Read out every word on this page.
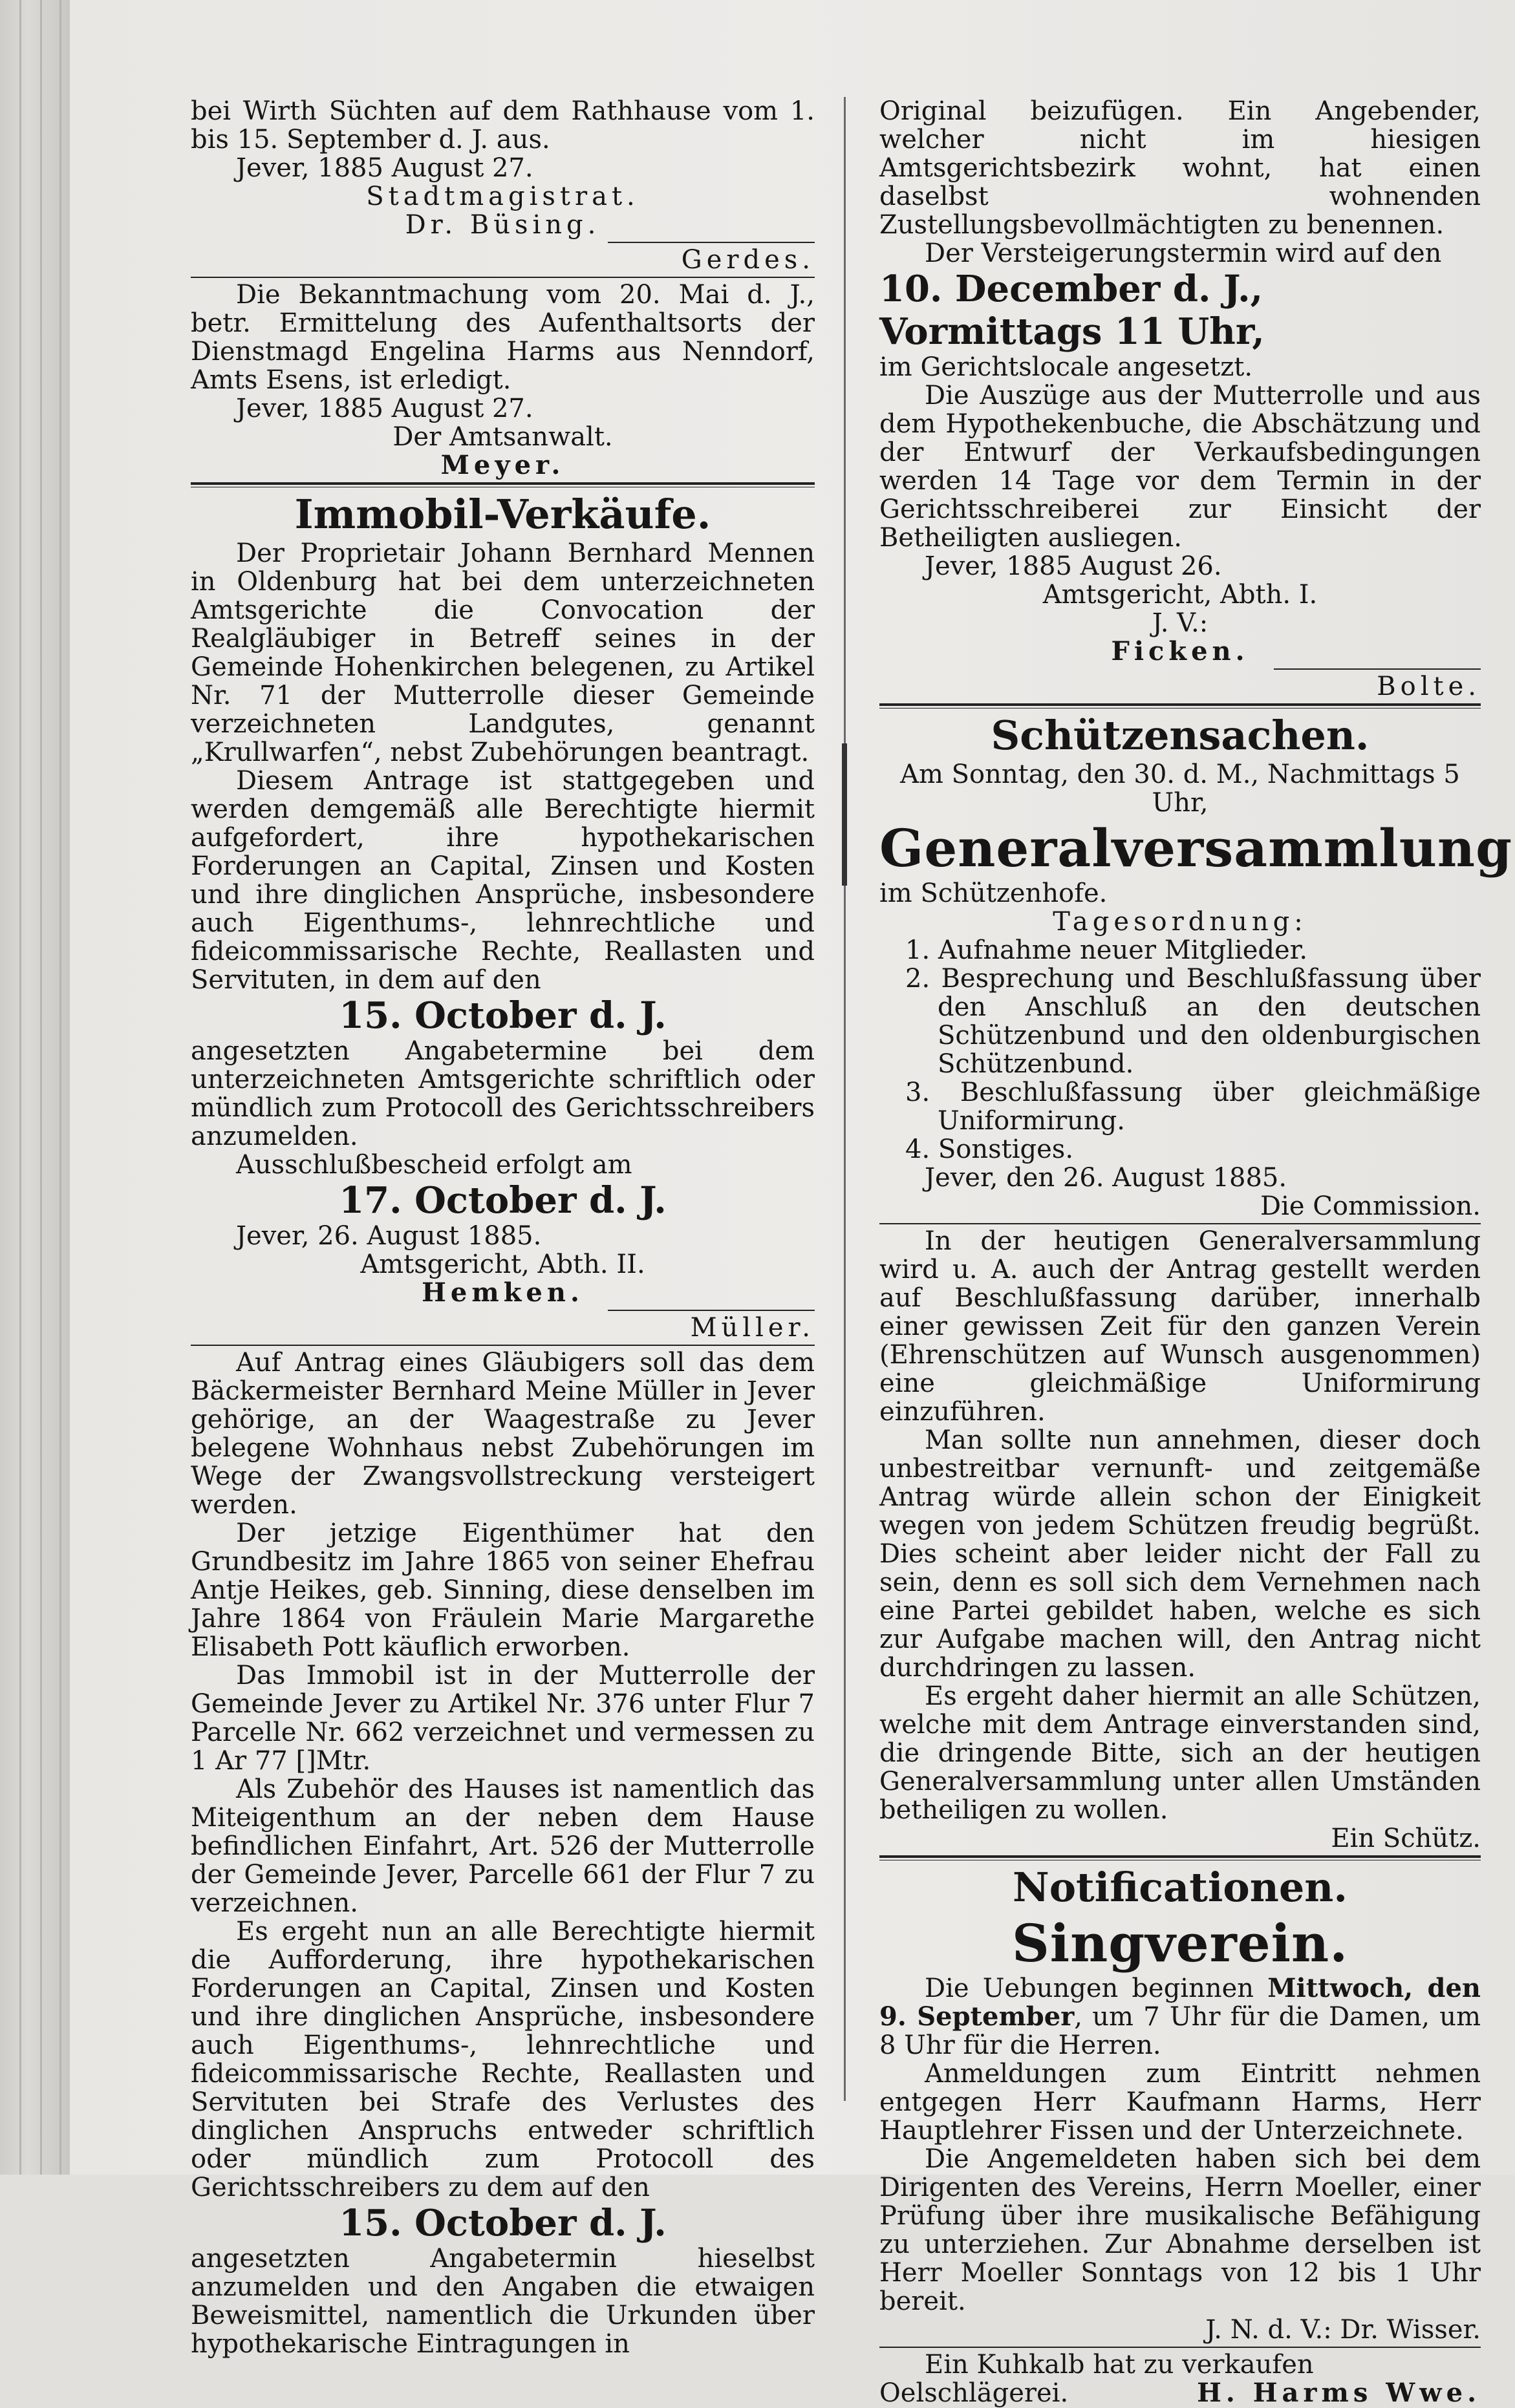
bei Wirth Süchten auf dem Rathhause vom 1. bis 15. September d. J. aus.

Jever, 1885 August 27.

Stadtmagistrat.

Dr. Büsing.

Gerdes.

Die Bekanntmachung vom 20. Mai d. J., betr. Ermittelung des Aufenthaltsorts der Dienstmagd Engelina Harms aus Nenndorf, Amts Esens, ist erledigt.

Jever, 1885 August 27.

Der Amtsanwalt.

Meyer.

Immobil-Verkäufe.

Der Proprietair Johann Bernhard Mennen in Oldenburg hat bei dem unterzeichneten Amtsgerichte die Convocation der Realgläubiger in Betreff seines in der Gemeinde Hohenkirchen belegenen, zu Artikel Nr. 71 der Mutterrolle dieser Gemeinde verzeichneten Landgutes, genannt „Krullwarfen“, nebst Zubehörungen beantragt.

Diesem Antrage ist stattgegeben und werden demgemäß alle Berechtigte hiermit aufgefordert, ihre hypothekarischen Forderungen an Capital, Zinsen und Kosten und ihre dinglichen Ansprüche, insbesondere auch Eigenthums-, lehnrechtliche und fideicommissarische Rechte, Reallasten und Servituten, in dem auf den

15. October d. J.

angesetzten Angabetermine bei dem unterzeichneten Amtsgerichte schriftlich oder mündlich zum Protocoll des Gerichtsschreibers anzumelden.

Ausschlußbescheid erfolgt am

17. October d. J.

Jever, 26. August 1885.

Amtsgericht, Abth. II.

Hemken.

Müller.

Auf Antrag eines Gläubigers soll das dem Bäckermeister Bernhard Meine Müller in Jever gehörige, an der Waagestraße zu Jever belegene Wohnhaus nebst Zubehörungen im Wege der Zwangsvollstreckung versteigert werden.

Der jetzige Eigenthümer hat den Grundbesitz im Jahre 1865 von seiner Ehefrau Antje Heikes, geb. Sinning, diese denselben im Jahre 1864 von Fräulein Marie Margarethe Elisabeth Pott käuflich erworben.

Das Immobil ist in der Mutterrolle der Gemeinde Jever zu Artikel Nr. 376 unter Flur 7 Parcelle Nr. 662 verzeichnet und vermessen zu 1 Ar 77 []Mtr.

Als Zubehör des Hauses ist namentlich das Miteigenthum an der neben dem Hause befindlichen Einfahrt, Art. 526 der Mutterrolle der Gemeinde Jever, Parcelle 661 der Flur 7 zu verzeichnen.

Es ergeht nun an alle Berechtigte hiermit die Aufforderung, ihre hypothekarischen Forderungen an Capital, Zinsen und Kosten und ihre dinglichen Ansprüche, insbesondere auch Eigenthums-, lehnrechtliche und fideicommissarische Rechte, Reallasten und Servituten bei Strafe des Verlustes des dinglichen Anspruchs entweder schriftlich oder mündlich zum Protocoll des Gerichtsschreibers zu dem auf den

15. October d. J.

angesetzten Angabetermin hieselbst anzumelden und den Angaben die etwaigen Beweismittel, namentlich die Urkunden über hypothekarische Eintragungen in

Original beizufügen. Ein Angebender, welcher nicht im hiesigen Amtsgerichtsbezirk wohnt, hat einen daselbst wohnenden Zustellungsbevollmächtigten zu benennen.

Der Versteigerungstermin wird auf den

10. December d. J., Vormittags 11 Uhr,

im Gerichtslocale angesetzt.

Die Auszüge aus der Mutterrolle und aus dem Hypothekenbuche, die Abschätzung und der Entwurf der Verkaufsbedingungen werden 14 Tage vor dem Termin in der Gerichtsschreiberei zur Einsicht der Betheiligten ausliegen.

Jever, 1885 August 26.

Amtsgericht, Abth. I.

J. V.:

Ficken.

Bolte.

Schützensachen.

Am Sonntag, den 30. d. M., Nachmittags 5 Uhr,

Generalversammlung

im Schützenhofe.

Tagesordnung:

1. Aufnahme neuer Mitglieder.

2. Besprechung und Beschlußfassung über den Anschluß an den deutschen Schützenbund und den oldenburgischen Schützenbund.

3. Beschlußfassung über gleichmäßige Uniformirung.

4. Sonstiges.

Jever, den 26. August 1885.

Die Commission.

In der heutigen Generalversammlung wird u. A. auch der Antrag gestellt werden auf Beschlußfassung darüber, innerhalb einer gewissen Zeit für den ganzen Verein (Ehrenschützen auf Wunsch ausgenommen) eine gleichmäßige Uniformirung einzuführen.

Man sollte nun annehmen, dieser doch unbestreitbar vernunft- und zeitgemäße Antrag würde allein schon der Einigkeit wegen von jedem Schützen freudig begrüßt. Dies scheint aber leider nicht der Fall zu sein, denn es soll sich dem Vernehmen nach eine Partei gebildet haben, welche es sich zur Aufgabe machen will, den Antrag nicht durchdringen zu lassen.

Es ergeht daher hiermit an alle Schützen, welche mit dem Antrage einverstanden sind, die dringende Bitte, sich an der heutigen Generalversammlung unter allen Umständen betheiligen zu wollen.

Ein Schütz.

Notificationen.

Singverein.

Die Uebungen beginnen Mittwoch, den 9. September, um 7 Uhr für die Damen, um 8 Uhr für die Herren.

Anmeldungen zum Eintritt nehmen entgegen Herr Kaufmann Harms, Herr Hauptlehrer Fissen und der Unterzeichnete.

Die Angemeldeten haben sich bei dem Dirigenten des Vereins, Herrn Moeller, einer Prüfung über ihre musikalische Befähigung zu unterziehen. Zur Abnahme derselben ist Herr Moeller Sonntags von 12 bis 1 Uhr bereit.

J. N. d. V.: Dr. Wisser.

Ein Kuhkalb hat zu verkaufen

Oelschlägerei.	H. Harms Wwe.
